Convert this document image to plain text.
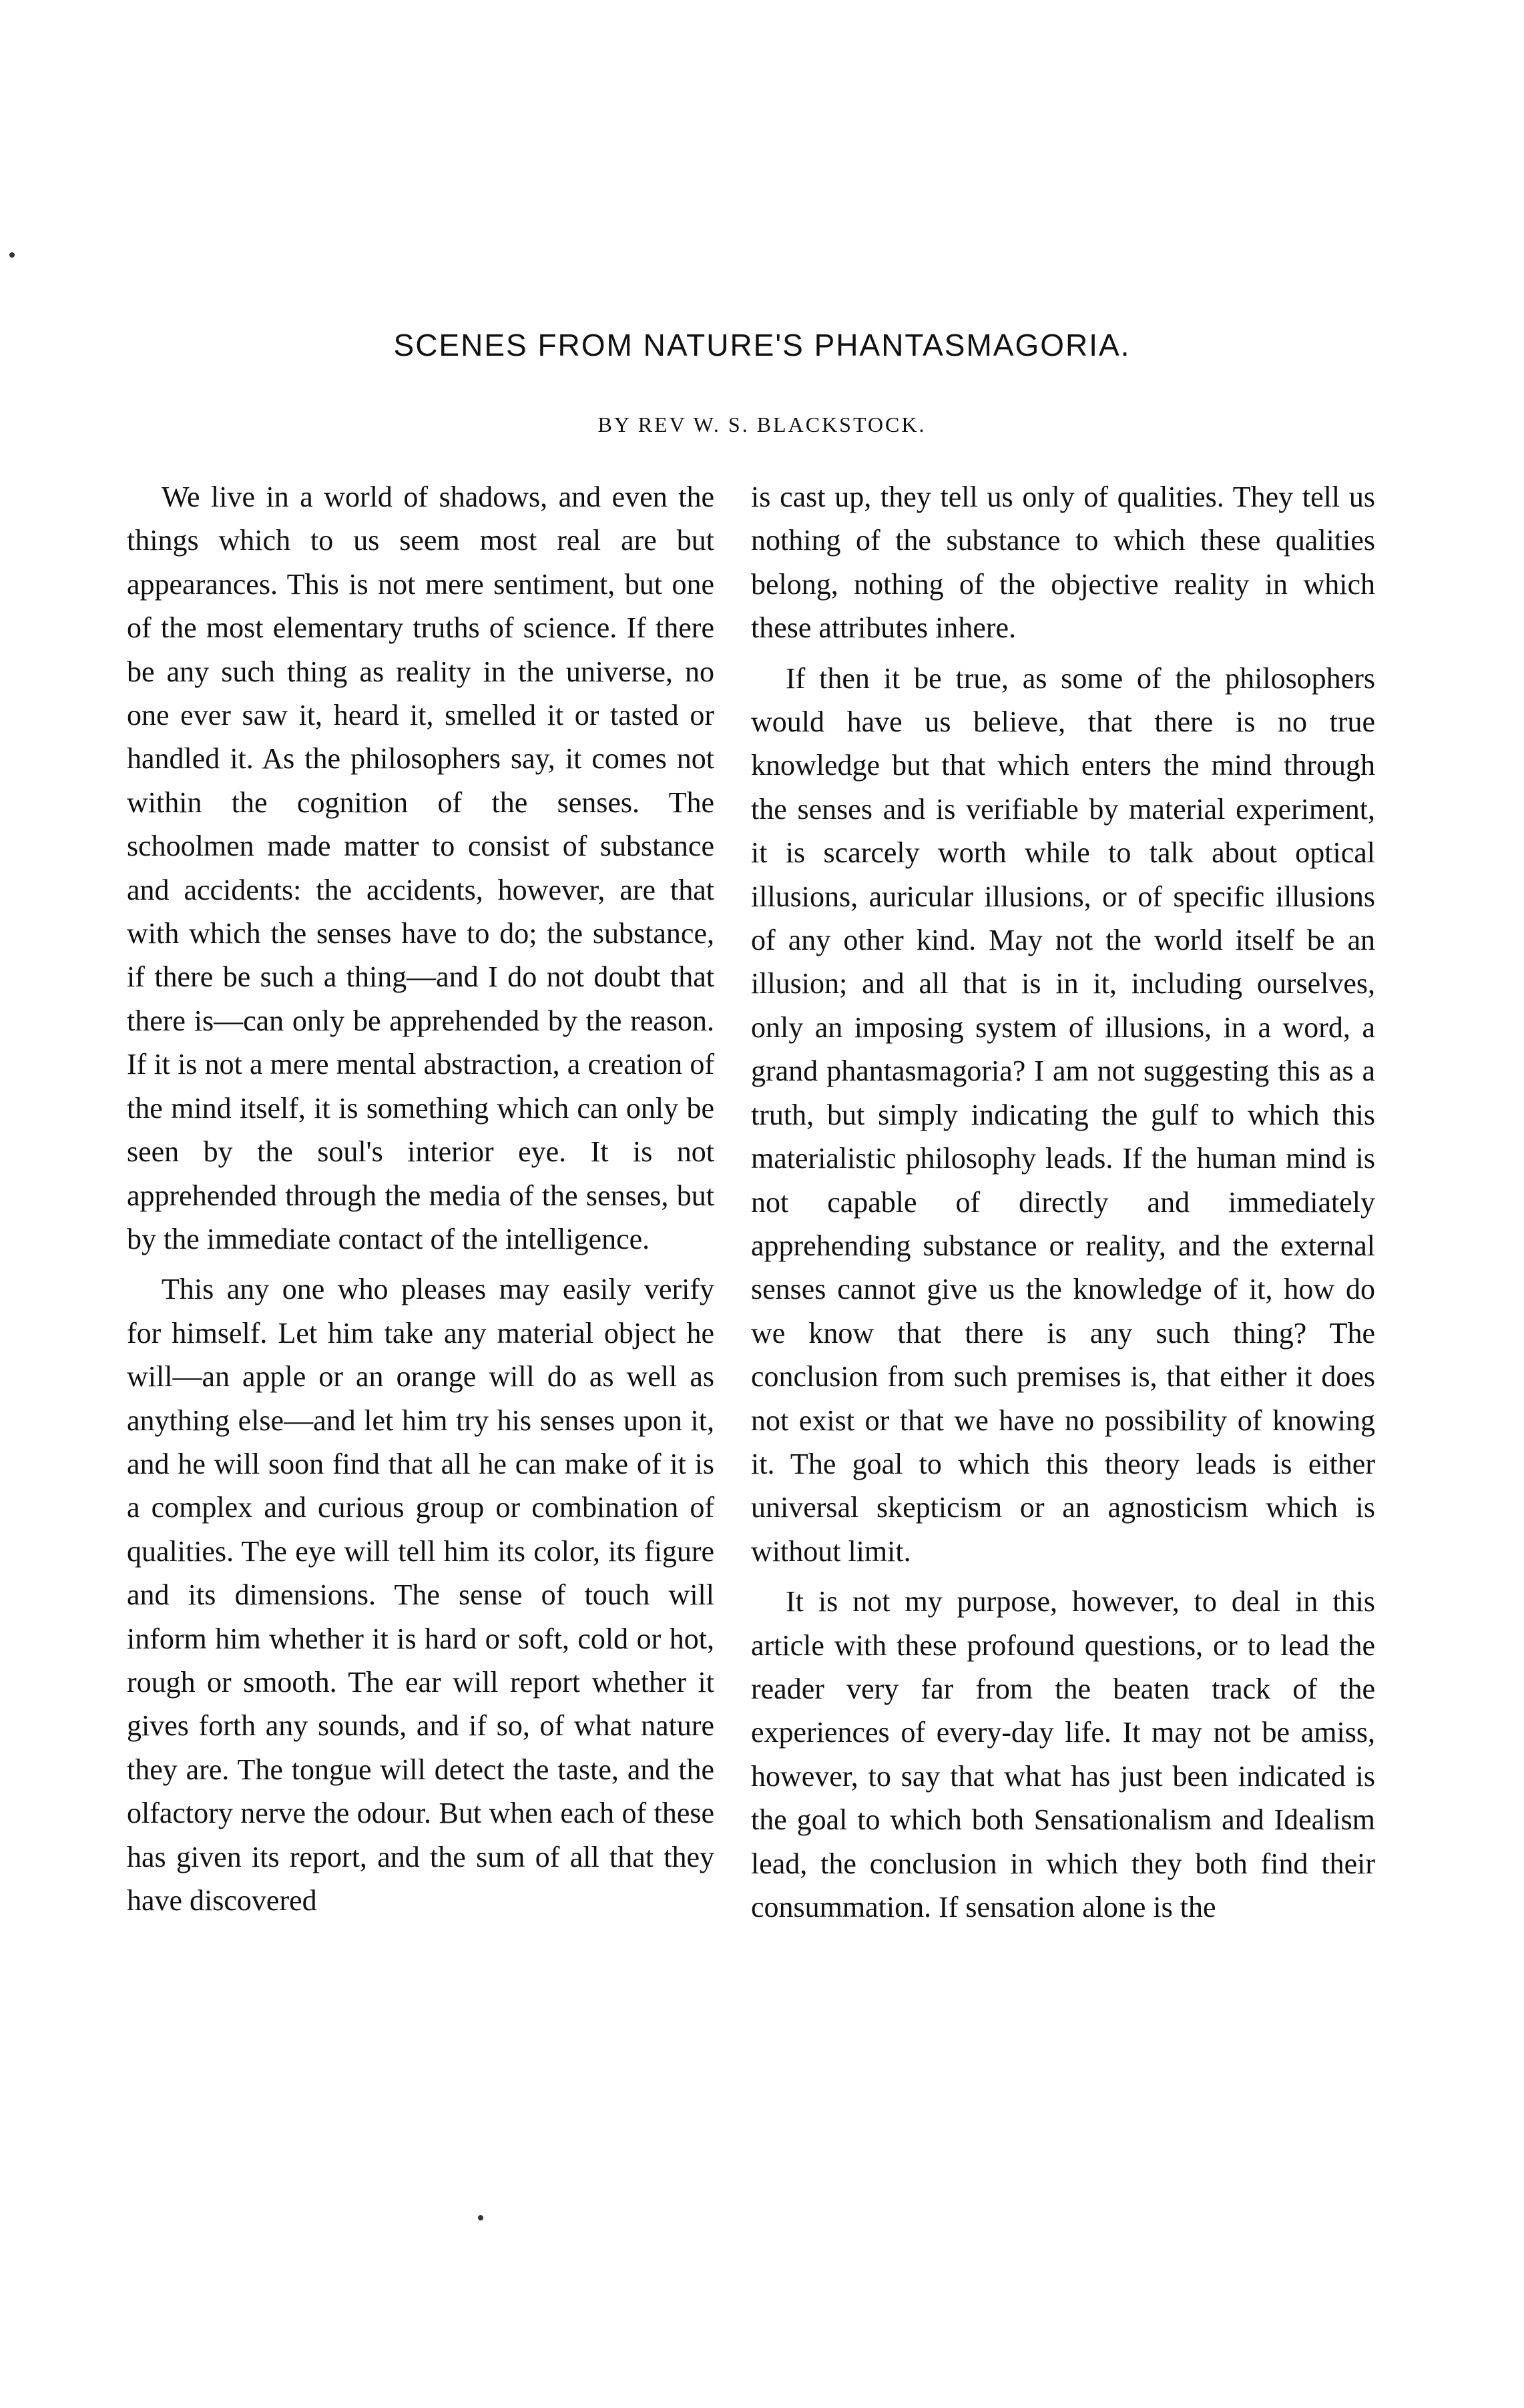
SCENES FROM NATURE'S PHANTASMAGORIA.
BY REV W. S. BLACKSTOCK.

We live in a world of shadows, and even the things which to us seem most real are but appearances. This is not mere sentiment, but one of the most elementary truths of science. If there be any such thing as reality in the universe, no one ever saw it, heard it, smelled it or tasted or handled it. As the philosophers say, it comes not within the cognition of the senses. The schoolmen made matter to consist of substance and accidents: the accidents, however, are that with which the senses have to do; the substance, if there be such a thing—and I do not doubt that there is—can only be apprehended by the reason. If it is not a mere mental abstraction, a creation of the mind itself, it is something which can only be seen by the soul's interior eye. It is not apprehended through the media of the senses, but by the immediate contact of the intelligence.

This any one who pleases may easily verify for himself. Let him take any material object he will—an apple or an orange will do as well as anything else—and let him try his senses upon it, and he will soon find that all he can make of it is a complex and curious group or combination of qualities. The eye will tell him its color, its figure and its dimensions. The sense of touch will inform him whether it is hard or soft, cold or hot, rough or smooth. The ear will report whether it gives forth any sounds, and if so, of what nature they are. The tongue will detect the taste, and the olfactory nerve the odour. But when each of these has given its report, and the sum of all that they have discovered

is cast up, they tell us only of qualities. They tell us nothing of the substance to which these qualities belong, nothing of the objective reality in which these attributes inhere.

If then it be true, as some of the philosophers would have us believe, that there is no true knowledge but that which enters the mind through the senses and is verifiable by material experiment, it is scarcely worth while to talk about optical illusions, auricular illusions, or of specific illusions of any other kind. May not the world itself be an illusion; and all that is in it, including ourselves, only an imposing system of illusions, in a word, a grand phantasmagoria? I am not suggesting this as a truth, but simply indicating the gulf to which this materialistic philosophy leads. If the human mind is not capable of directly and immediately apprehending substance or reality, and the external senses cannot give us the knowledge of it, how do we know that there is any such thing? The conclusion from such premises is, that either it does not exist or that we have no possibility of knowing it. The goal to which this theory leads is either universal skepticism or an agnosticism which is without limit.

It is not my purpose, however, to deal in this article with these profound questions, or to lead the reader very far from the beaten track of the experiences of every-day life. It may not be amiss, however, to say that what has just been indicated is the goal to which both Sensationalism and Idealism lead, the conclusion in which they both find their consummation. If sensation alone is the
